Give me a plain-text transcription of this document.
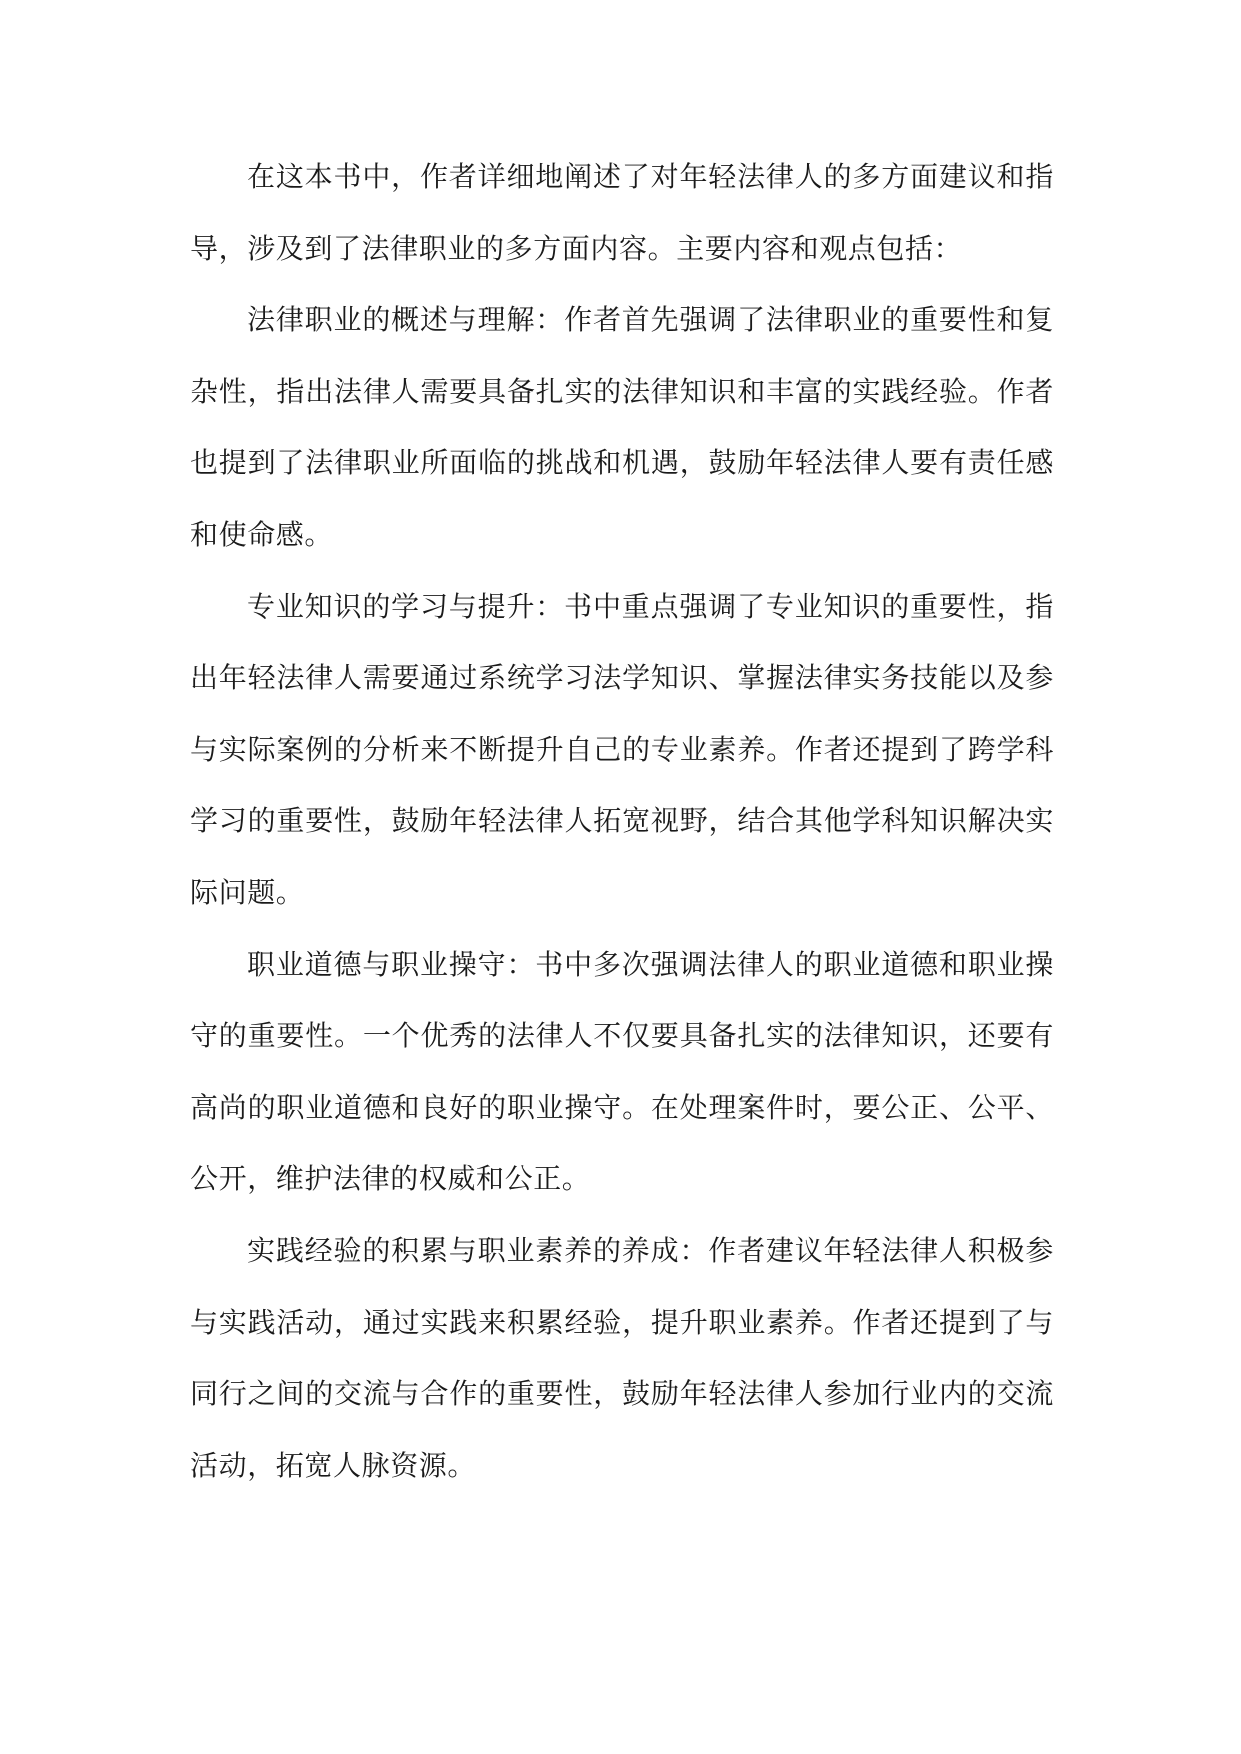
在这本书中，作者详细地阐述了对年轻法律人的多方面建议和指导，涉及到了法律职业的多方面内容。主要内容和观点包括：

法律职业的概述与理解：作者首先强调了法律职业的重要性和复杂性，指出法律人需要具备扎实的法律知识和丰富的实践经验。作者也提到了法律职业所面临的挑战和机遇，鼓励年轻法律人要有责任感和使命感。

专业知识的学习与提升：书中重点强调了专业知识的重要性，指出年轻法律人需要通过系统学习法学知识、掌握法律实务技能以及参与实际案例的分析来不断提升自己的专业素养。作者还提到了跨学科学习的重要性，鼓励年轻法律人拓宽视野，结合其他学科知识解决实际问题。

职业道德与职业操守：书中多次强调法律人的职业道德和职业操守的重要性。一个优秀的法律人不仅要具备扎实的法律知识，还要有高尚的职业道德和良好的职业操守。在处理案件时，要公正、公平、公开，维护法律的权威和公正。

实践经验的积累与职业素养的养成：作者建议年轻法律人积极参与实践活动，通过实践来积累经验，提升职业素养。作者还提到了与同行之间的交流与合作的重要性，鼓励年轻法律人参加行业内的交流活动，拓宽人脉资源。
